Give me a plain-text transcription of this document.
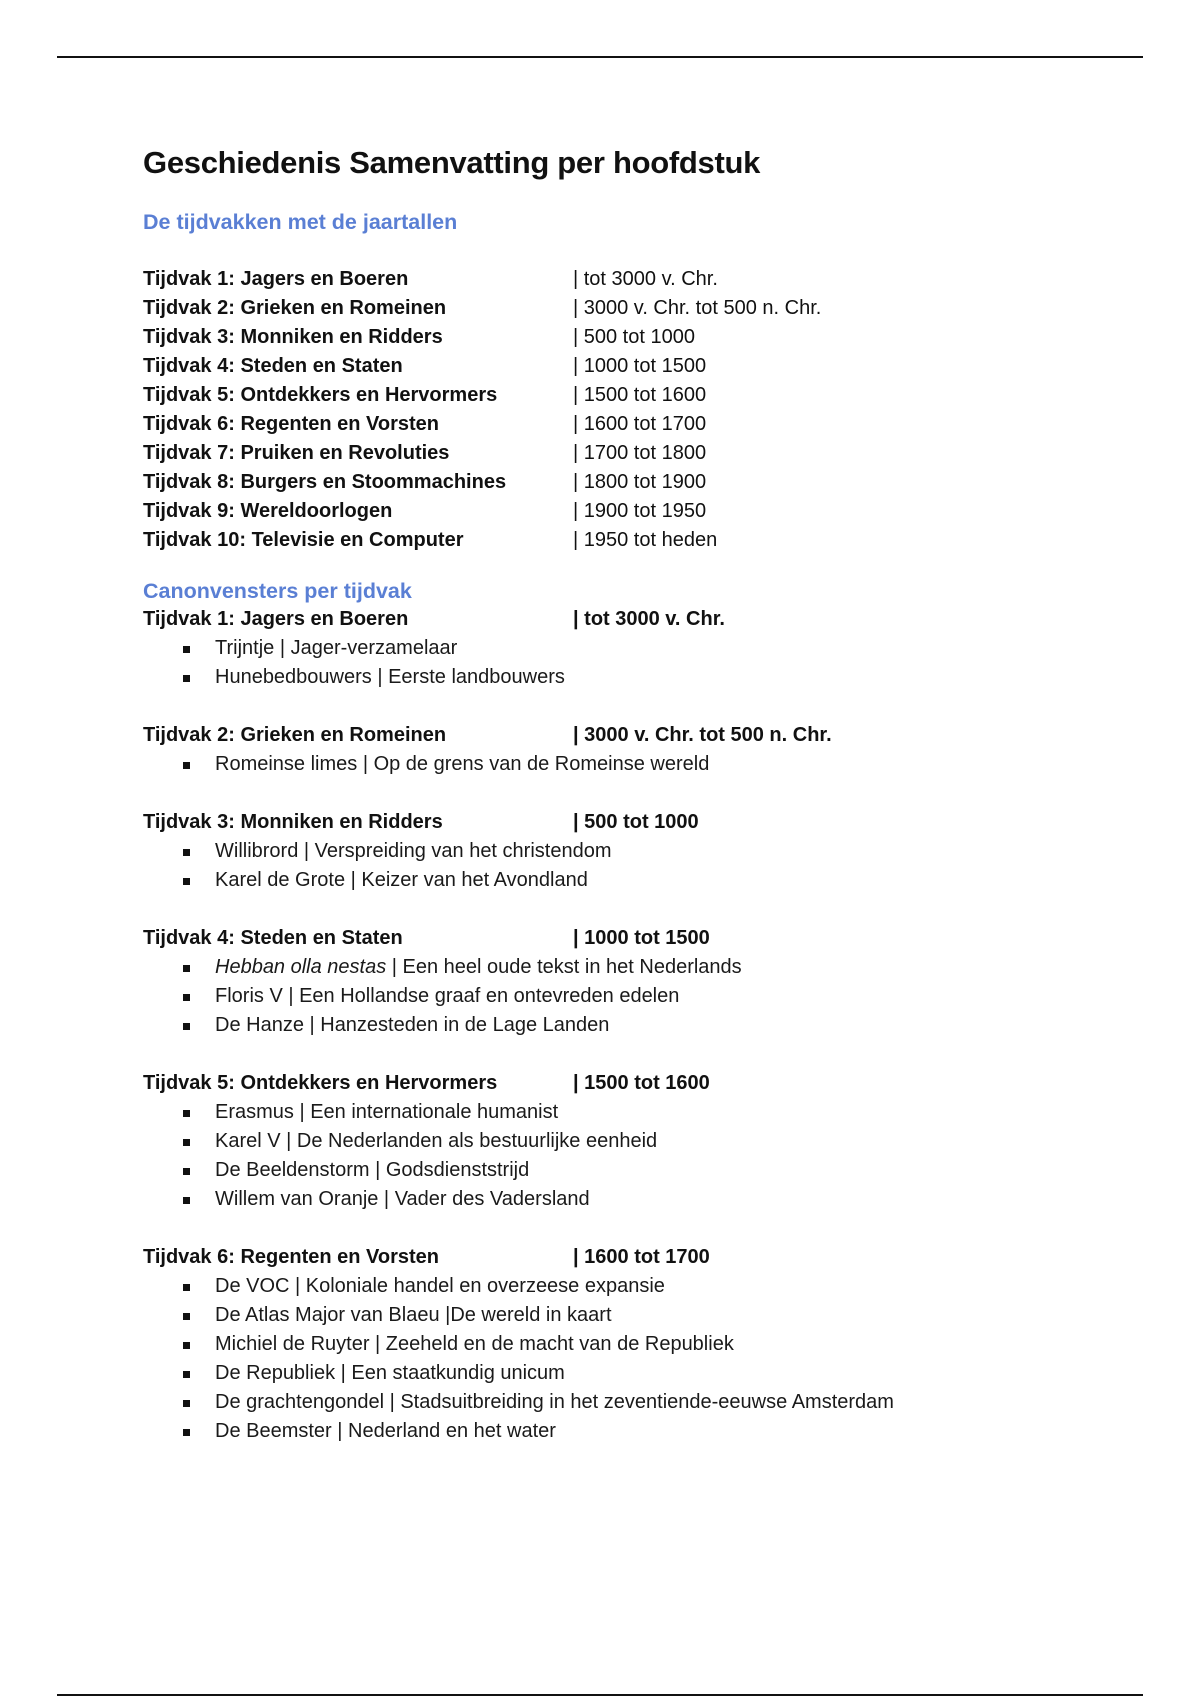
Geschiedenis Samenvatting per hoofdstuk
De tijdvakken met de jaartallen
Tijdvak 1: Jagers en Boeren	| tot 3000 v. Chr.
Tijdvak 2: Grieken en Romeinen	| 3000 v. Chr. tot 500 n. Chr.
Tijdvak 3: Monniken en Ridders	| 500 tot 1000
Tijdvak 4: Steden en Staten	| 1000 tot 1500
Tijdvak 5: Ontdekkers en Hervormers	| 1500 tot 1600
Tijdvak 6: Regenten en Vorsten	| 1600 tot 1700
Tijdvak 7: Pruiken en Revoluties	| 1700 tot 1800
Tijdvak 8: Burgers en Stoommachines	| 1800 tot 1900
Tijdvak 9: Wereldoorlogen	| 1900 tot 1950
Tijdvak 10: Televisie en Computer	| 1950 tot heden
Canonvensters per tijdvak
Tijdvak 1: Jagers en Boeren	| tot 3000 v. Chr.
Trijntje | Jager-verzamelaar
Hunebedbouwers | Eerste landbouwers
Tijdvak 2: Grieken en Romeinen	| 3000 v. Chr. tot 500 n. Chr.
Romeinse limes | Op de grens van de Romeinse wereld
Tijdvak 3: Monniken en Ridders	| 500 tot 1000
Willibrord | Verspreiding van het christendom
Karel de Grote | Keizer van het Avondland
Tijdvak 4: Steden en Staten	| 1000 tot 1500
Hebban olla nestas | Een heel oude tekst in het Nederlands
Floris V | Een Hollandse graaf en ontevreden edelen
De Hanze | Hanzesteden in de Lage Landen
Tijdvak 5: Ontdekkers en Hervormers	| 1500 tot 1600
Erasmus | Een internationale humanist
Karel V | De Nederlanden als bestuurlijke eenheid
De Beeldenstorm | Godsdienststrijd
Willem van Oranje | Vader des Vadersland
Tijdvak 6: Regenten en Vorsten	| 1600 tot 1700
De VOC | Koloniale handel en overzeese expansie
De Atlas Major van Blaeu |De wereld in kaart
Michiel de Ruyter | Zeeheld en de macht van de Republiek
De Republiek | Een staatkundig unicum
De grachtengondel | Stadsuitbreiding in het zeventiende-eeuwse Amsterdam
De Beemster | Nederland en het water
